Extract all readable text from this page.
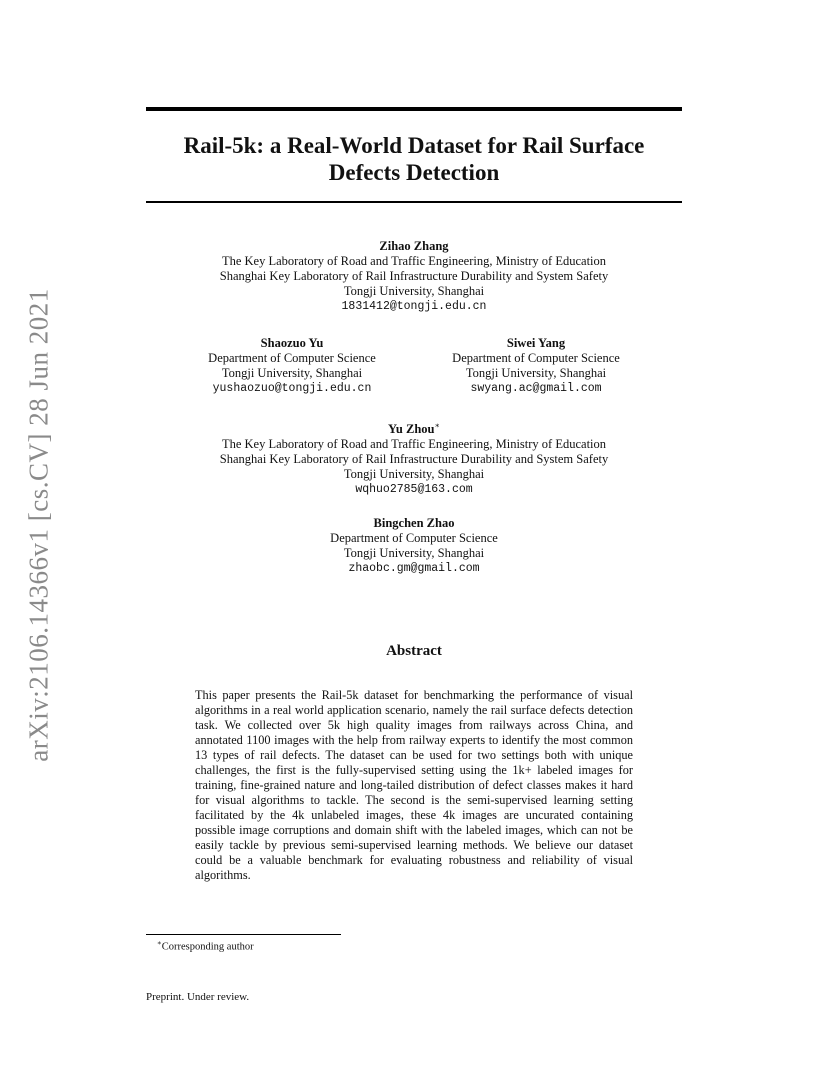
arXiv:2106.14366v1 [cs.CV] 28 Jun 2021
Rail-5k: a Real-World Dataset for Rail Surface
Defects Detection
Zihao Zhang
The Key Laboratory of Road and Traffic Engineering, Ministry of Education
Shanghai Key Laboratory of Rail Infrastructure Durability and System Safety
Tongji University, Shanghai
1831412@tongji.edu.cn
Shaozuo Yu
Department of Computer Science
Tongji University, Shanghai
yushaozuo@tongji.edu.cn
Siwei Yang
Department of Computer Science
Tongji University, Shanghai
swyang.ac@gmail.com
Yu Zhou∗
The Key Laboratory of Road and Traffic Engineering, Ministry of Education
Shanghai Key Laboratory of Rail Infrastructure Durability and System Safety
Tongji University, Shanghai
wqhuo2785@163.com
Bingchen Zhao
Department of Computer Science
Tongji University, Shanghai
zhaobc.gm@gmail.com
Abstract
This paper presents the Rail-5k dataset for benchmarking the performance of visual algorithms in a real world application scenario, namely the rail surface defects detection task. We collected over 5k high quality images from railways across China, and annotated 1100 images with the help from railway experts to identify the most common 13 types of rail defects. The dataset can be used for two settings both with unique challenges, the first is the fully-supervised setting using the 1k+ labeled images for training, fine-grained nature and long-tailed distribution of defect classes makes it hard for visual algorithms to tackle. The second is the semi-supervised learning setting facilitated by the 4k unlabeled images, these 4k images are uncurated containing possible image corruptions and domain shift with the labeled images, which can not be easily tackle by previous semi-supervised learning methods. We believe our dataset could be a valuable benchmark for evaluating robustness and reliability of visual algorithms.
∗Corresponding author
Preprint. Under review.
